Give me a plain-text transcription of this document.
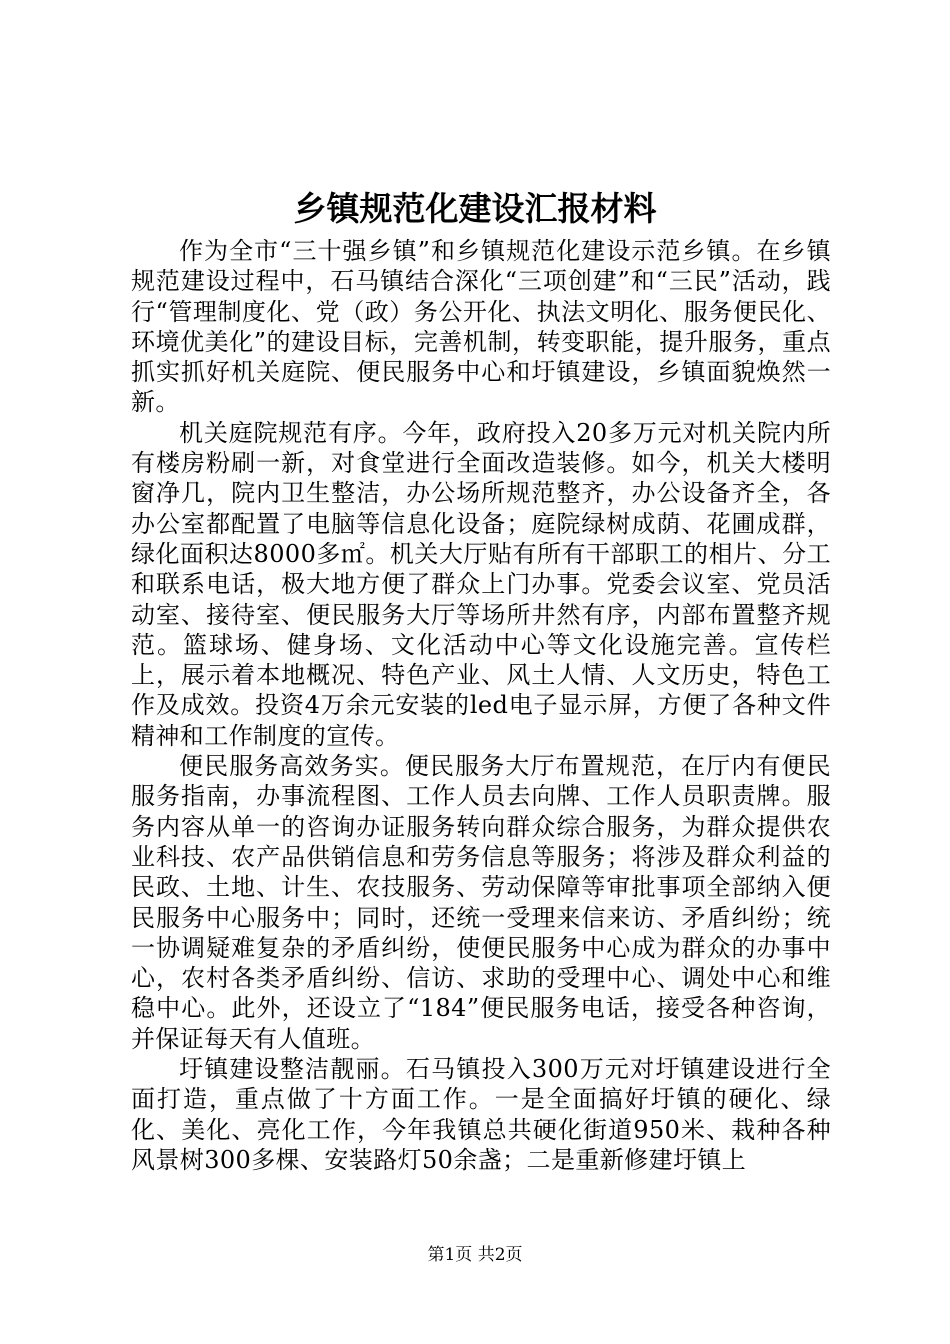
乡镇规范化建设汇报材料

作为全市“三十强乡镇”和乡镇规范化建设示范乡镇。在乡镇规范建设过程中，石马镇结合深化“三项创建”和“三民”活动，践行“管理制度化、党（政）务公开化、执法文明化、服务便民化、环境优美化”的建设目标，完善机制，转变职能，提升服务，重点抓实抓好机关庭院、便民服务中心和圩镇建设，乡镇面貌焕然一新。

机关庭院规范有序。今年，政府投入20多万元对机关院内所有楼房粉刷一新，对食堂进行全面改造装修。如今，机关大楼明窗净几，院内卫生整洁，办公场所规范整齐，办公设备齐全，各办公室都配置了电脑等信息化设备；庭院绿树成荫、花圃成群，绿化面积达8000多㎡。机关大厅贴有所有干部职工的相片、分工和联系电话，极大地方便了群众上门办事。党委会议室、党员活动室、接待室、便民服务大厅等场所井然有序，内部布置整齐规范。篮球场、健身场、文化活动中心等文化设施完善。宣传栏上，展示着本地概况、特色产业、风土人情、人文历史，特色工作及成效。投资4万余元安装的led电子显示屏，方便了各种文件精神和工作制度的宣传。

便民服务高效务实。便民服务大厅布置规范，在厅内有便民服务指南，办事流程图、工作人员去向牌、工作人员职责牌。服务内容从单一的咨询办证服务转向群众综合服务，为群众提供农业科技、农产品供销信息和劳务信息等服务；将涉及群众利益的民政、土地、计生、农技服务、劳动保障等审批事项全部纳入便民服务中心服务中；同时，还统一受理来信来访、矛盾纠纷；统一协调疑难复杂的矛盾纠纷，使便民服务中心成为群众的办事中心，农村各类矛盾纠纷、信访、求助的受理中心、调处中心和维稳中心。此外，还设立了“184”便民服务电话，接受各种咨询，并保证每天有人值班。

圩镇建设整洁靓丽。石马镇投入300万元对圩镇建设进行全面打造，重点做了十方面工作。一是全面搞好圩镇的硬化、绿化、美化、亮化工作，今年我镇总共硬化街道950米、栽种各种风景树300多棵、安装路灯50余盏；二是重新修建圩镇上

第1页 共2页
